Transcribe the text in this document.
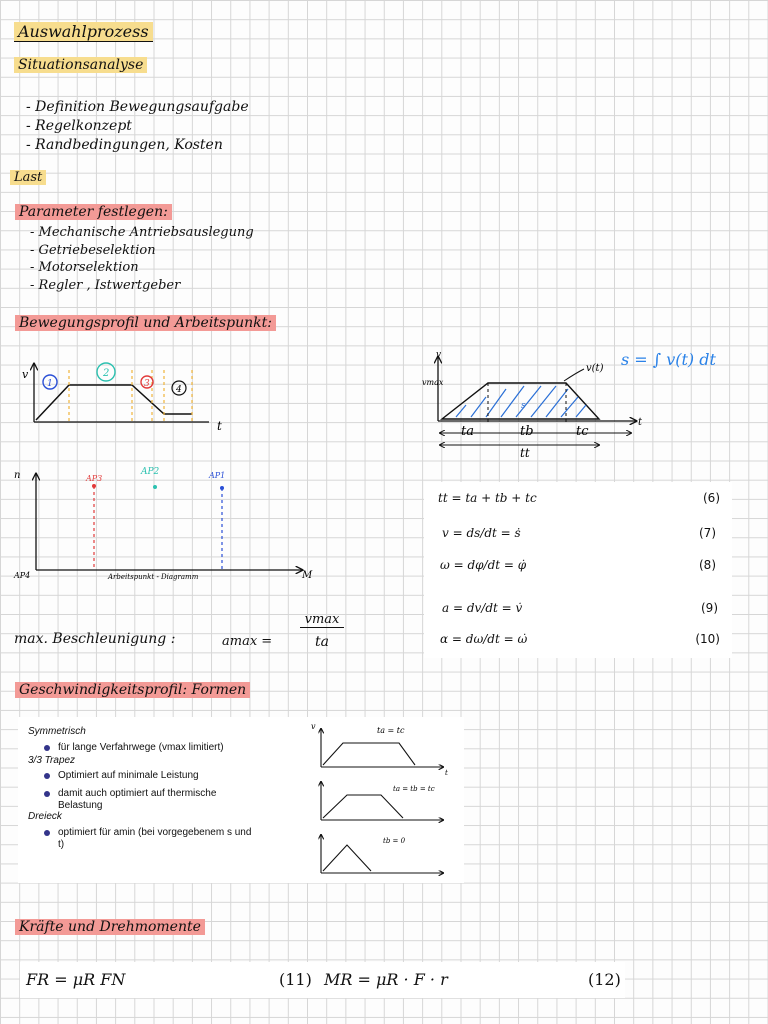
Auswahlprozess
Situationsanalyse
- Definition Bewegungsaufgabe
- Regelkonzept
- Randbedingungen, Kosten
Last
Parameter festlegen:
- Mechanische Antriebsauslegung
- Getriebeselektion
- Motorselektion
- Regler , Istwertgeber
Bewegungsprofil und Arbeitspunkt:
v
t
1
2
3
4
vmax
v
v(t)
s
ta	tb	tc
tt
t
s = ∫ v(t) dt
n
M
AP4
AP3
AP2	AP1
Arbeitspunkt - Diagramm
tt = ta + tb + tc	(6)
v = ds/dt = ṡ	(7)
ω = dφ/dt = φ̇	(8)
a = dv/dt = v̇	(9)
α = dω/dt = ω̇	(10)
max. Beschleunigung :	amax =
vmax
ta
Geschwindigkeitsprofil: Formen
Symmetrisch
für lange Verfahrwege (vmax limitiert)
3/3 Trapez
Optimiert auf minimale Leistung
damit auch optimiert auf thermische
Belastung
Dreieck
optimiert für amin (bei vorgegebenem s und
t)
v
t
ta = tc
ta = tb = tc
tb = 0
Kräfte und Drehmomente
FR = μR FN	(11) MR = μR · F · r	(12)
